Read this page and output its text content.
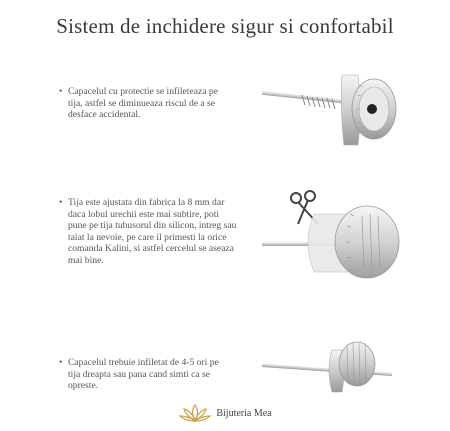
Sistem de inchidere sigur si confortabil
• Capacelul cu protectie se infileteaza pe tija, astfel se diminueaza riscul de a se desface accidental.
• Tija este ajustata din fabrica la 8 mm dar daca lobul urechii este mai subtire, poti pune pe tija tubusorul din silicon, intreg sau taiat la nevoie, pe care il primesti la orice comanda Kalini, si astfel cercelul se aseaza mai bine.
• Capacelul trebuie infiletat de 4-5 ori pe tija dreapta sau pana cand simti ca se opreste.
Bijuteria Mea
